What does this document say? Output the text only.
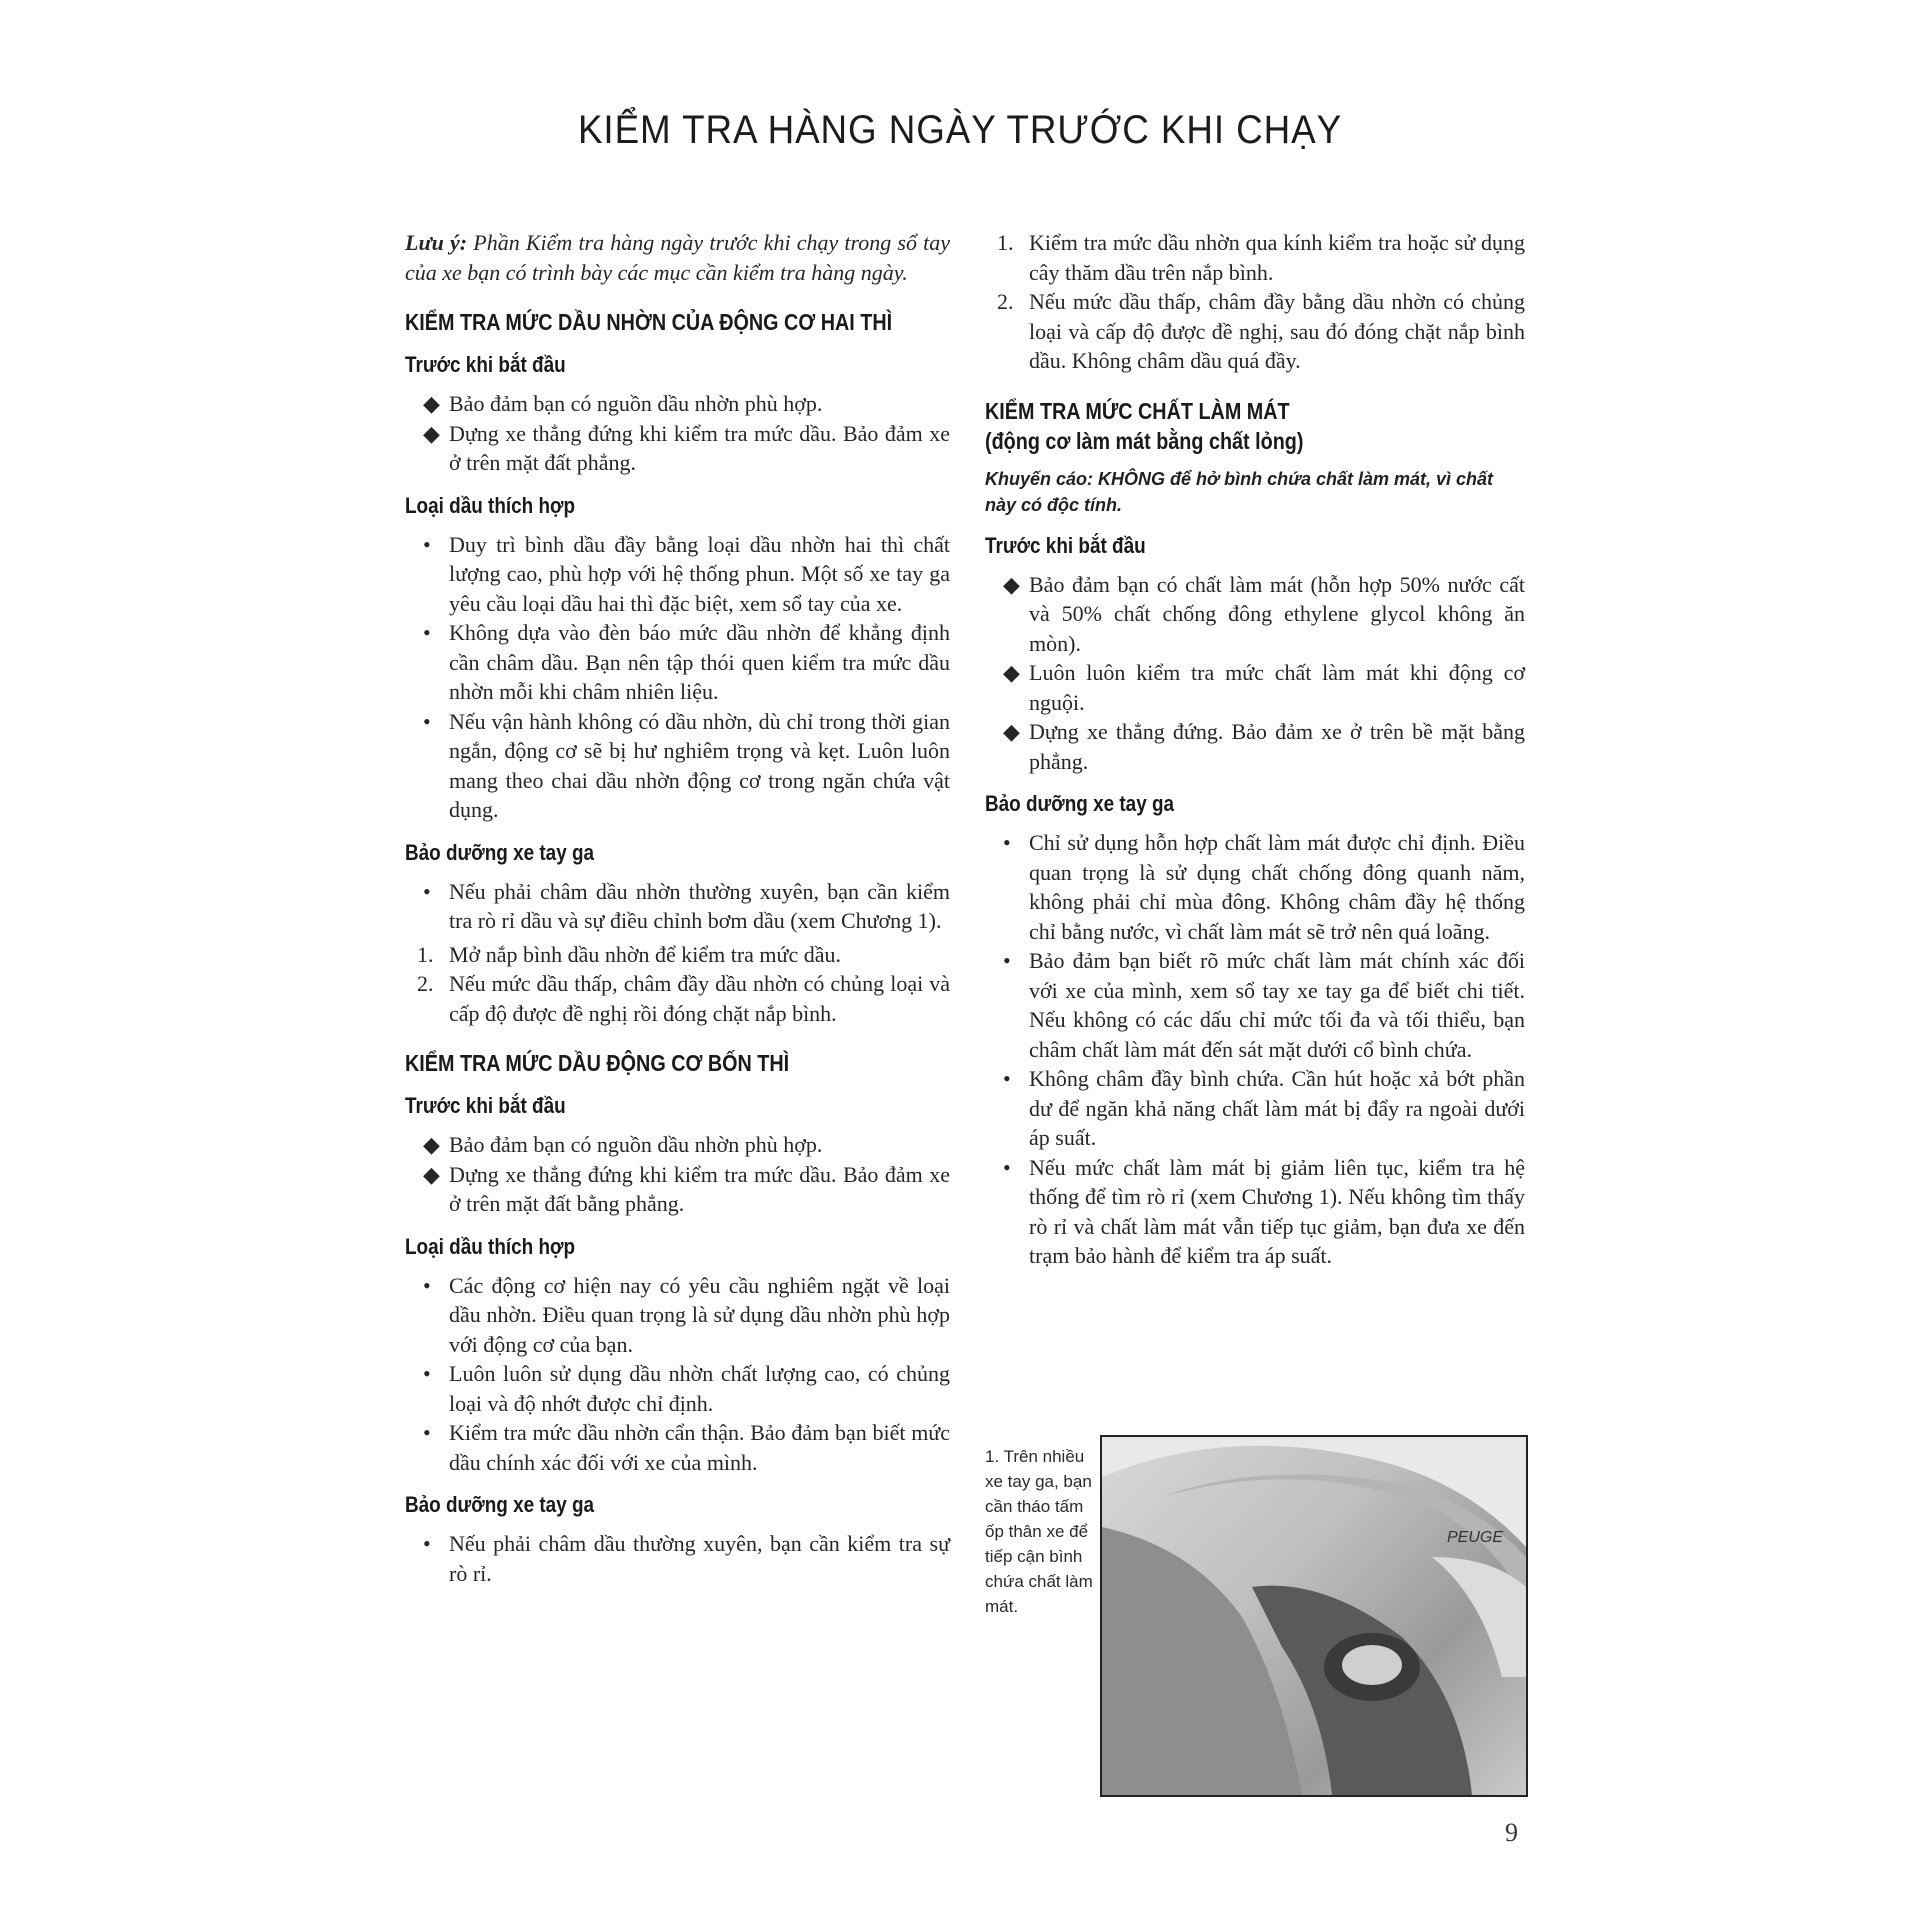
KIỂM TRA HÀNG NGÀY TRƯỚC KHI CHẠY

Lưu ý: Phần Kiểm tra hàng ngày trước khi chạy trong sổ tay của xe bạn có trình bày các mục cần kiểm tra hàng ngày.

KIỂM TRA MỨC DẦU NHỜN CỦA ĐỘNG CƠ HAI THÌ
Trước khi bắt đầu
◆ Bảo đảm bạn có nguồn dầu nhờn phù hợp.
◆ Dựng xe thẳng đứng khi kiểm tra mức dầu. Bảo đảm xe ở trên mặt đất phẳng.
Loại dầu thích hợp
• Duy trì bình dầu đầy bằng loại dầu nhờn hai thì chất lượng cao, phù hợp với hệ thống phun. Một số xe tay ga yêu cầu loại dầu hai thì đặc biệt, xem sổ tay của xe.
• Không dựa vào đèn báo mức dầu nhờn để khẳng định cần châm dầu. Bạn nên tập thói quen kiểm tra mức dầu nhờn mỗi khi châm nhiên liệu.
• Nếu vận hành không có dầu nhờn, dù chỉ trong thời gian ngắn, động cơ sẽ bị hư nghiêm trọng và kẹt. Luôn luôn mang theo chai dầu nhờn động cơ trong ngăn chứa vật dụng.
Bảo dưỡng xe tay ga
• Nếu phải châm dầu nhờn thường xuyên, bạn cần kiểm tra rò rỉ dầu và sự điều chỉnh bơm dầu (xem Chương 1).
1. Mở nắp bình dầu nhờn để kiểm tra mức dầu.
2. Nếu mức dầu thấp, châm đầy dầu nhờn có chủng loại và cấp độ được đề nghị rồi đóng chặt nắp bình.
KIỂM TRA MỨC DẦU ĐỘNG CƠ BỐN THÌ
Trước khi bắt đầu
◆ Bảo đảm bạn có nguồn dầu nhờn phù hợp.
◆ Dựng xe thẳng đứng khi kiểm tra mức dầu. Bảo đảm xe ở trên mặt đất bằng phẳng.
Loại dầu thích hợp
• Các động cơ hiện nay có yêu cầu nghiêm ngặt về loại dầu nhờn. Điều quan trọng là sử dụng dầu nhờn phù hợp với động cơ của bạn.
• Luôn luôn sử dụng dầu nhờn chất lượng cao, có chủng loại và độ nhớt được chỉ định.
• Kiểm tra mức dầu nhờn cẩn thận. Bảo đảm bạn biết mức dầu chính xác đối với xe của mình.
Bảo dưỡng xe tay ga
• Nếu phải châm dầu thường xuyên, bạn cần kiểm tra sự rò rỉ.
1. Kiểm tra mức dầu nhờn qua kính kiểm tra hoặc sử dụng cây thăm dầu trên nắp bình.
2. Nếu mức dầu thấp, châm đầy bằng dầu nhờn có chủng loại và cấp độ được đề nghị, sau đó đóng chặt nắp bình dầu. Không châm dầu quá đầy.
KIỂM TRA MỨC CHẤT LÀM MÁT
(động cơ làm mát bằng chất lỏng)
Khuyến cáo: KHÔNG để hở bình chứa chất làm mát, vì chất này có độc tính.
Trước khi bắt đầu
◆ Bảo đảm bạn có chất làm mát (hỗn hợp 50% nước cất và 50% chất chống đông ethylene glycol không ăn mòn).
◆ Luôn luôn kiểm tra mức chất làm mát khi động cơ nguội.
◆ Dựng xe thẳng đứng. Bảo đảm xe ở trên bề mặt bằng phẳng.
Bảo dưỡng xe tay ga
• Chỉ sử dụng hỗn hợp chất làm mát được chỉ định. Điều quan trọng là sử dụng chất chống đông quanh năm, không phải chỉ mùa đông. Không châm đầy hệ thống chỉ bằng nước, vì chất làm mát sẽ trở nên quá loãng.
• Bảo đảm bạn biết rõ mức chất làm mát chính xác đối với xe của mình, xem sổ tay xe tay ga để biết chi tiết. Nếu không có các dấu chỉ mức tối đa và tối thiểu, bạn châm chất làm mát đến sát mặt dưới cổ bình chứa.
• Không châm đầy bình chứa. Cần hút hoặc xả bớt phần dư để ngăn khả năng chất làm mát bị đẩy ra ngoài dưới áp suất.
• Nếu mức chất làm mát bị giảm liên tục, kiểm tra hệ thống để tìm rò rỉ (xem Chương 1). Nếu không tìm thấy rò rỉ và chất làm mát vẫn tiếp tục giảm, bạn đưa xe đến trạm bảo hành để kiểm tra áp suất.
1. Trên nhiều xe tay ga, bạn cần tháo tấm ốp thân xe để tiếp cận bình chứa chất làm mát.
PEUGE
9
